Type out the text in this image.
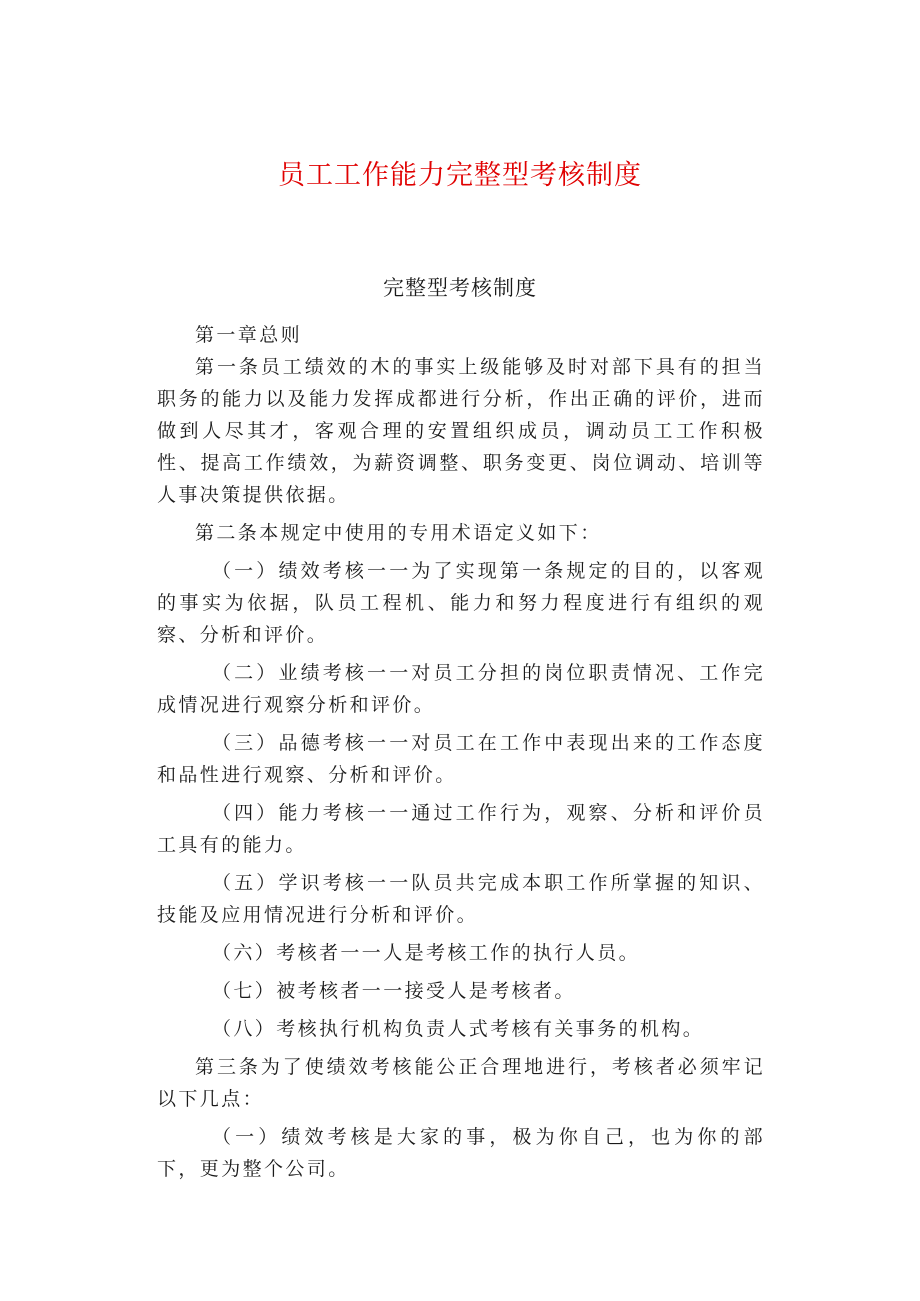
员工工作能力完整型考核制度
完整型考核制度

第一章总则

第一条员工绩效的木的事实上级能够及时对部下具有的担当职务的能力以及能力发挥成都进行分析，作出正确的评价，进而做到人尽其才，客观合理的安置组织成员，调动员工工作积极性、提高工作绩效，为薪资调整、职务变更、岗位调动、培训等人事决策提供依据。

第二条本规定中使用的专用术语定义如下：

（一）绩效考核一一为了实现第一条规定的目的，以客观的事实为依据，队员工程机、能力和努力程度进行有组织的观察、分析和评价。

（二）业绩考核一一对员工分担的岗位职责情况、工作完成情况进行观察分析和评价。

（三）品德考核一一对员工在工作中表现出来的工作态度和品性进行观察、分析和评价。

（四）能力考核一一通过工作行为，观察、分析和评价员工具有的能力。

（五）学识考核一一队员共完成本职工作所掌握的知识、技能及应用情况进行分析和评价。

（六）考核者一一人是考核工作的执行人员。

（七）被考核者一一接受人是考核者。

（八）考核执行机构负责人式考核有关事务的机构。

第三条为了使绩效考核能公正合理地进行，考核者必须牢记以下几点：

（一）绩效考核是大家的事，极为你自己，也为你的部下，更为整个公司。
